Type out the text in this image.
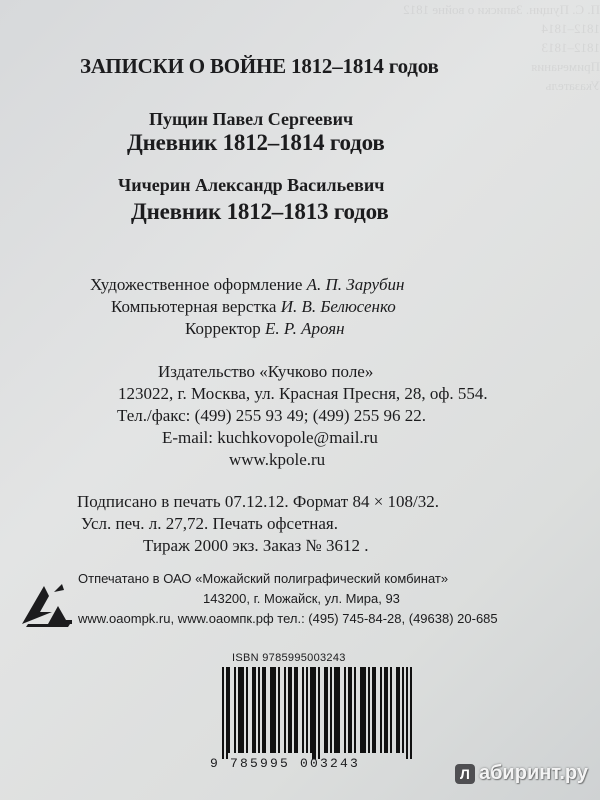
П. С. Пущин. Записки о войне 1812
1812–1814
1812–1813
Примечания
Указатель
ЗАПИСКИ О ВОЙНЕ 1812–1814 годов
Пущин Павел Сергеевич
Дневник 1812–1814 годов
Чичерин Александр Васильевич
Дневник 1812–1813 годов
Художественное оформление А. П. Зарубин
Компьютерная верстка И. В. Белюсенко
Корректор Е. Р. Ароян
Издательство «Кучково поле»
123022, г. Москва, ул. Красная Пресня, 28, оф. 554.
Тел./факс: (499) 255 93 49; (499) 255 96 22.
E-mail: kuchkovopole@mail.ru
www.kpole.ru
Подписано в печать 07.12.12. Формат 84 × 108/32.
Усл. печ. л. 27,72. Печать офсетная.
Тираж 2000 экз. Заказ № 3612 .
Отпечатано в ОАО «Можайский полиграфический комбинат»
143200, г. Можайск, ул. Мира, 93
www.oaompk.ru, www.оаомпк.рф тел.: (495) 745-84-28, (49638) 20-685
ISBN 9785995003243
9 785995 003243
Л абиринт.ру
